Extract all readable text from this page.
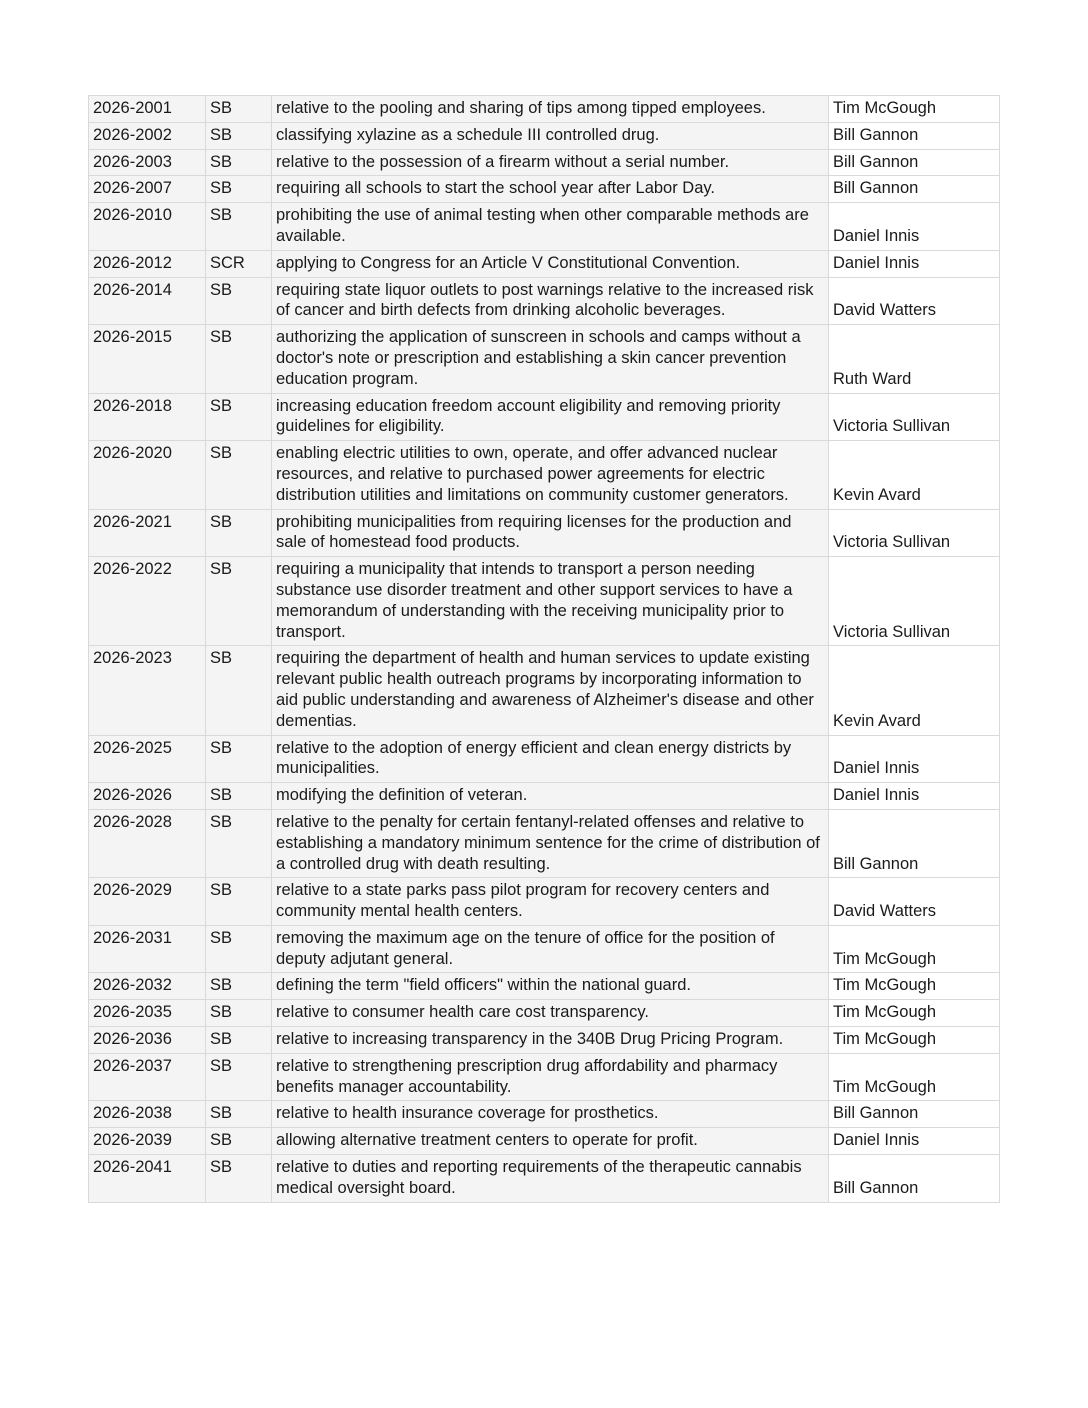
2026-2001	SB	relative to the pooling and sharing of tips among tipped employees.	Tim McGough
2026-2002	SB	classifying xylazine as a schedule III controlled drug.	Bill Gannon
2026-2003	SB	relative to the possession of a firearm without a serial number.	Bill Gannon
2026-2007	SB	requiring all schools to start the school year after Labor Day.	Bill Gannon
2026-2010	SB	prohibiting the use of animal testing when other comparable methods are available.	Daniel Innis
2026-2012	SCR	applying to Congress for an Article V Constitutional Convention.	Daniel Innis
2026-2014	SB	requiring state liquor outlets to post warnings relative to the increased risk of cancer and birth defects from drinking alcoholic beverages.	David Watters
2026-2015	SB	authorizing the application of sunscreen in schools and camps without a doctor's note or prescription and establishing a skin cancer prevention education program.	Ruth Ward
2026-2018	SB	increasing education freedom account eligibility and removing priority guidelines for eligibility.	Victoria Sullivan
2026-2020	SB	enabling electric utilities to own, operate, and offer advanced nuclear resources, and relative to purchased power agreements for electric distribution utilities and limitations on community customer generators.	Kevin Avard
2026-2021	SB	prohibiting municipalities from requiring licenses for the production and sale of homestead food products.	Victoria Sullivan
2026-2022	SB	requiring a municipality that intends to transport a person needing substance use disorder treatment and other support services to have a memorandum of understanding with the receiving municipality prior to transport.	Victoria Sullivan
2026-2023	SB	requiring the department of health and human services to update existing relevant public health outreach programs by incorporating information to aid public understanding and awareness of Alzheimer's disease and other dementias.	Kevin Avard
2026-2025	SB	relative to the adoption of energy efficient and clean energy districts by municipalities.	Daniel Innis
2026-2026	SB	modifying the definition of veteran.	Daniel Innis
2026-2028	SB	relative to the penalty for certain fentanyl-related offenses and relative to establishing a mandatory minimum sentence for the crime of distribution of a controlled drug with death resulting.	Bill Gannon
2026-2029	SB	relative to a state parks pass pilot program for recovery centers and community mental health centers.	David Watters
2026-2031	SB	removing the maximum age on the tenure of office for the position of deputy adjutant general.	Tim McGough
2026-2032	SB	defining the term "field officers" within the national guard.	Tim McGough
2026-2035	SB	relative to consumer health care cost transparency.	Tim McGough
2026-2036	SB	relative to increasing transparency in the 340B Drug Pricing Program.	Tim McGough
2026-2037	SB	relative to strengthening prescription drug affordability and pharmacy benefits manager accountability.	Tim McGough
2026-2038	SB	relative to health insurance coverage for prosthetics.	Bill Gannon
2026-2039	SB	allowing alternative treatment centers to operate for profit.	Daniel Innis
2026-2041	SB	relative to duties and reporting requirements of the therapeutic cannabis medical oversight board.	Bill Gannon
